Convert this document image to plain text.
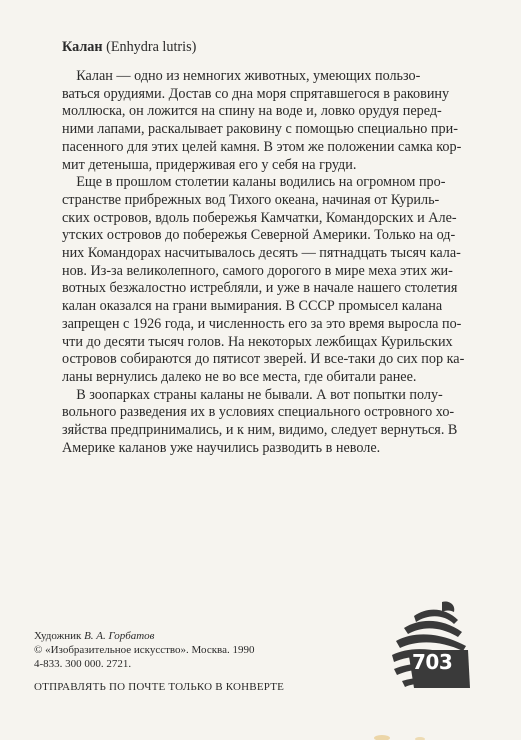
Калан (Enhydra lutris)

Калан — одно из немногих животных, умеющих пользо-
ваться орудиями. Достав со дна моря спрятавшегося в раковину
моллюска, он ложится на спину на воде и, ловко орудуя перед-
ними лапами, раскалывает раковину с помощью специально при-
пасенного для этих целей камня. В этом же положении самка кор-
мит детеныша, придерживая его у себя на груди.

Еще в прошлом столетии каланы водились на огромном про-
странстве прибрежных вод Тихого океана, начиная от Куриль-
ских островов, вдоль побережья Камчатки, Командорских и Але-
утских островов до побережья Северной Америки. Только на од-
них Командорах насчитывалось десять — пятнадцать тысяч кала-
нов. Из-за великолепного, самого дорогого в мире меха этих жи-
вотных безжалостно истребляли, и уже в начале нашего столетия
калан оказался на грани вымирания. В СССР промысел калана
запрещен с 1926 года, и численность его за это время выросла по-
чти до десяти тысяч голов. На некоторых лежбищах Курильских
островов собираются до пятисот зверей. И все-таки до сих пор ка-
ланы вернулись далеко не во все места, где обитали ранее.

В зоопарках страны каланы не бывали. А вот попытки полу-
вольного разведения их в условиях специального островного хо-
зяйства предпринимались, и к ним, видимо, следует вернуться. В
Америке каланов уже научились разводить в неволе.

Художник В. А. Горбатов
© «Изобразительное искусство». Москва. 1990
4-833. 300 000. 2721.
ОТПРАВЛЯТЬ ПО ПОЧТЕ ТОЛЬКО В КОНВЕРТЕ
703
